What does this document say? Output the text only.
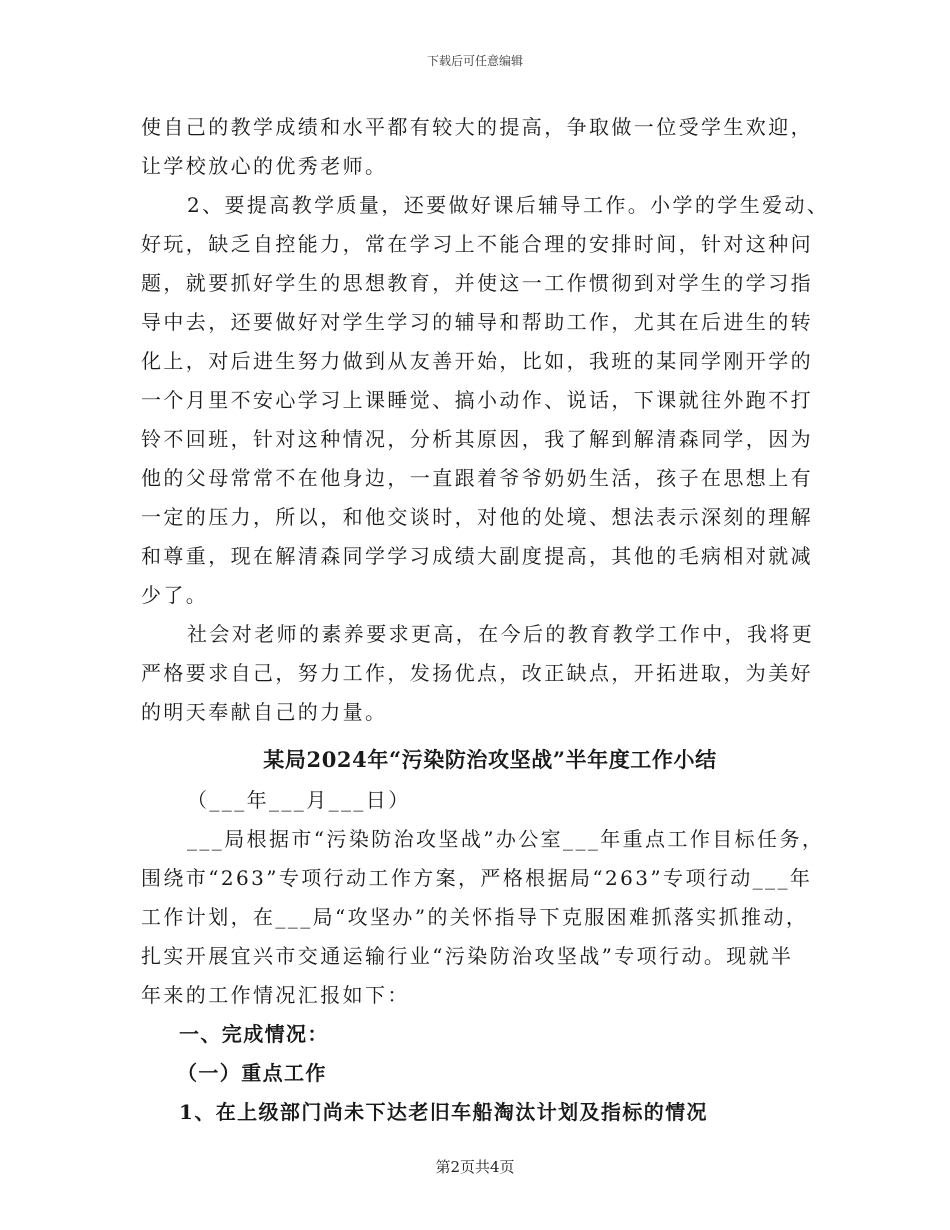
下载后可任意编辑
使自己的教学成绩和水平都有较大的提高，争取做一位受学生欢迎，
让学校放心的优秀老师。
2、要提高教学质量，还要做好课后辅导工作。小学的学生爱动、
好玩，缺乏自控能力，常在学习上不能合理的安排时间，针对这种问
题，就要抓好学生的思想教育，并使这一工作惯彻到对学生的学习指
导中去，还要做好对学生学习的辅导和帮助工作，尤其在后进生的转
化上，对后进生努力做到从友善开始，比如，我班的某同学刚开学的
一个月里不安心学习上课睡觉、搞小动作、说话，下课就往外跑不打
铃不回班，针对这种情况，分析其原因，我了解到解清森同学，因为
他的父母常常不在他身边，一直跟着爷爷奶奶生活，孩子在思想上有
一定的压力，所以，和他交谈时，对他的处境、想法表示深刻的理解
和尊重，现在解清森同学学习成绩大副度提高，其他的毛病相对就减
少了。
社会对老师的素养要求更高，在今后的教育教学工作中，我将更
严格要求自己，努力工作，发扬优点，改正缺点，开拓进取，为美好
的明天奉献自己的力量。
某局2024年“污染防治攻坚战”半年度工作小结
（___年___月___日）
___局根据市“污染防治攻坚战”办公室___年重点工作目标任务，
围绕市“263”专项行动工作方案，严格根据局“263”专项行动___年
工作计划，在___局“攻坚办”的关怀指导下克服困难抓落实抓推动，
扎实开展宜兴市交通运输行业“污染防治攻坚战”专项行动。现就半
年来的工作情况汇报如下：
一、完成情况：
（一）重点工作
1、在上级部门尚未下达老旧车船淘汰计划及指标的情况
第2页共4页
